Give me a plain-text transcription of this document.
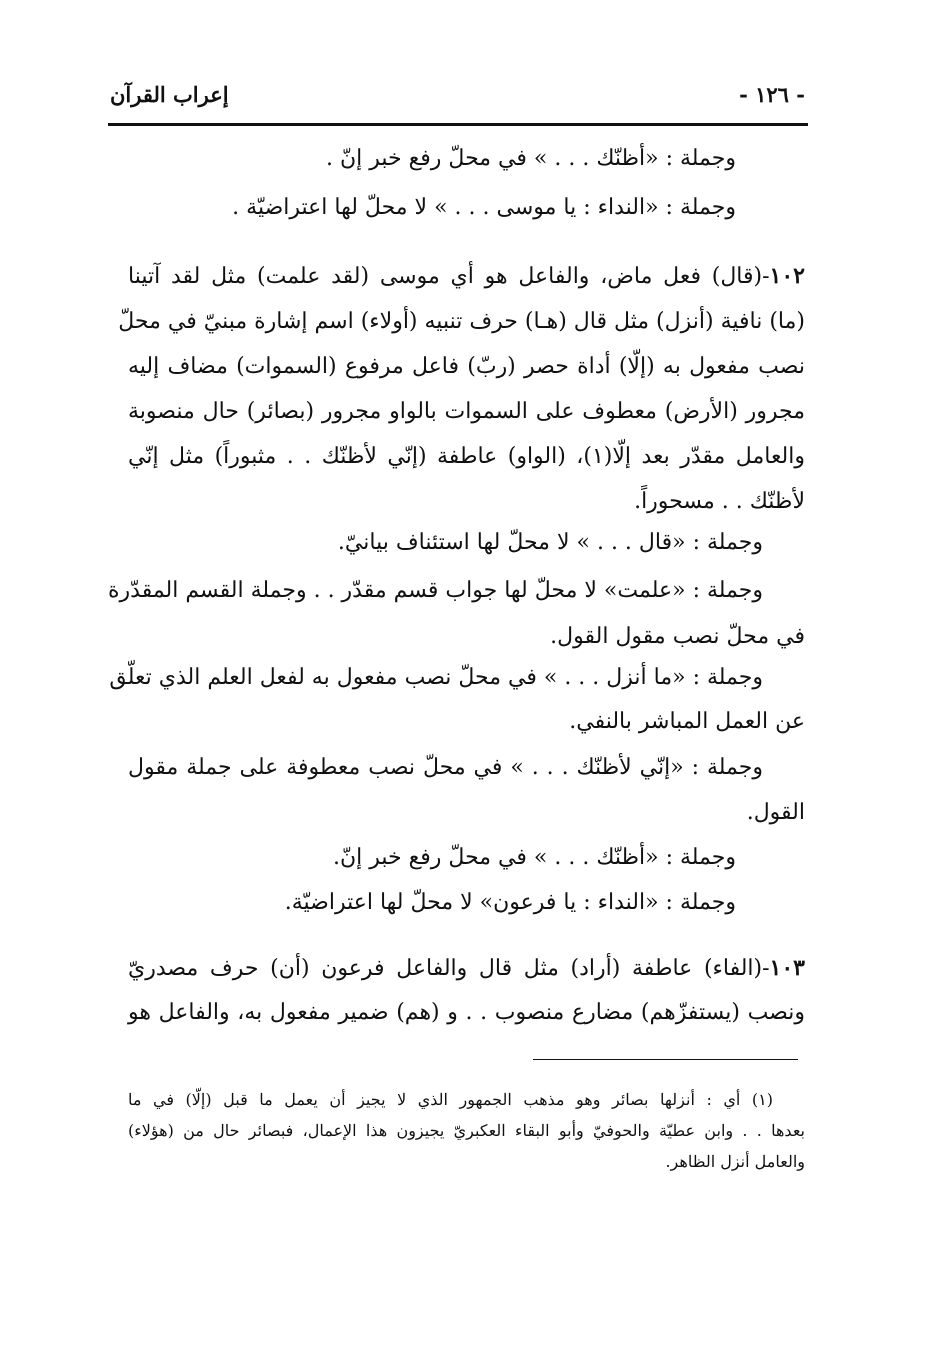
- ١٢٦ -
إعراب القرآن
وجملة : «أظنّك . . . » في محلّ رفع خبر إنّ .
وجملة : «النداء : يا موسى . . . » لا محلّ لها اعتراضيّة .
١٠٢-(قال) فعل ماض، والفاعل هو أي موسى (لقد علمت) مثل لقد آتينا
(ما) نافية (أنزل) مثل قال (هـا) حرف تنبيه (أولاء) اسم إشارة مبنيّ في محلّ
نصب مفعول به (إلّا) أداة حصر (ربّ) فاعل مرفوع (السموات) مضاف إليه
مجرور (الأرض) معطوف على السموات بالواو مجرور (بصائر) حال منصوبة
والعامل مقدّر بعد إلّا(١)، (الواو) عاطفة (إنّي لأظنّك . . مثبوراً) مثل إنّي
لأظنّك . . مسحوراً.
وجملة : «قال . . . » لا محلّ لها استئناف بيانيّ.
وجملة : «علمت» لا محلّ لها جواب قسم مقدّر . . وجملة القسم المقدّرة
في محلّ نصب مقول القول.
وجملة : «ما أنزل . . . » في محلّ نصب مفعول به لفعل العلم الذي تعلّق
عن العمل المباشر بالنفي.
وجملة : «إنّي لأظنّك . . . » في محلّ نصب معطوفة على جملة مقول
القول.
وجملة : «أظنّك . . . » في محلّ رفع خبر إنّ.
وجملة : «النداء : يا فرعون» لا محلّ لها اعتراضيّة.
١٠٣-(الفاء) عاطفة (أراد) مثل قال والفاعل فرعون (أن) حرف مصدريّ
ونصب (يستفزّهم) مضارع منصوب . . و (هم) ضمير مفعول به، والفاعل هو
(١) أي : أنزلها بصائر وهو مذهب الجمهور الذي لا يجيز أن يعمل ما قبل (إلّا) في ما
بعدها . . وابن عطيّة والحوفيّ وأبو البقاء العكبريّ يجيزون هذا الإعمال، فبصائر حال من (هؤلاء)
والعامل أنزل الظاهر.
